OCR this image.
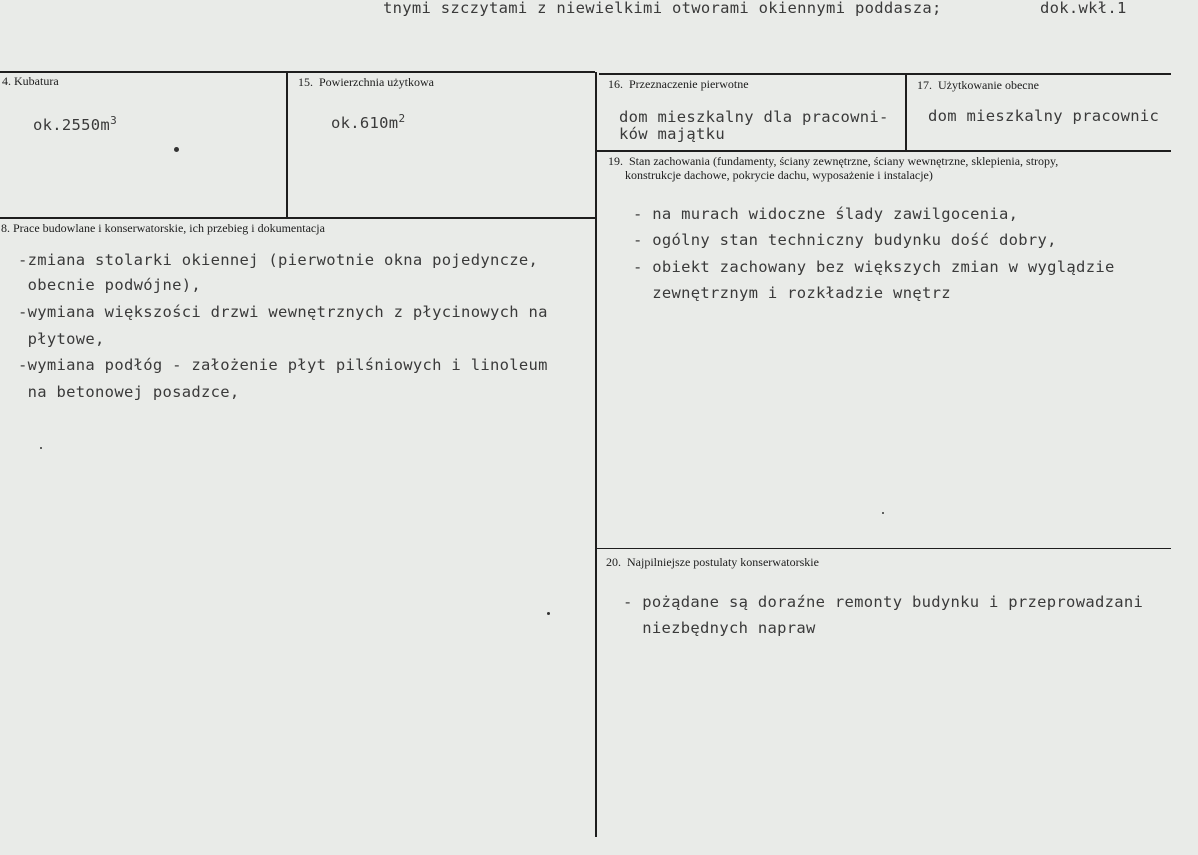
tnymi szczytami z niewielkimi otworami okiennymi poddasza;	dok.wkł.1
4. Kubatura
$ok.2550m^3$
15.  Powierzchnia użytkowa
$ok.610m^2$
16.  Przeznaczenie pierwotne
dom mieszkalny dla pracowni-
ków majątku
17.  Użytkowanie obecne
dom mieszkalny pracownic
8. Prace budowlane i konserwatorskie, ich przebieg i dokumentacja
-zmiana stolarki okiennej (pierwotnie okna pojedyncze,
obecnie podwójne),
-wymiana większości drzwi wewnętrznych z płycinowych na
płytowe,
-wymiana podłóg - założenie płyt pilśniowych i linoleum
na betonowej posadzce,
19.  Stan zachowania (fundamenty, ściany zewnętrzne, ściany wewnętrzne, sklepienia, stropy,
konstrukcje dachowe, pokrycie dachu, wyposażenie i instalacje)
- na murach widoczne ślady zawilgocenia,
- ogólny stan techniczny budynku dość dobry,
- obiekt zachowany bez większych zmian w wyglądzie
zewnętrznym i rozkładzie wnętrz
20.  Najpilniejsze postulaty konserwatorskie
- pożądane są doraźne remonty budynku i przeprowadzani
niezbędnych napraw
